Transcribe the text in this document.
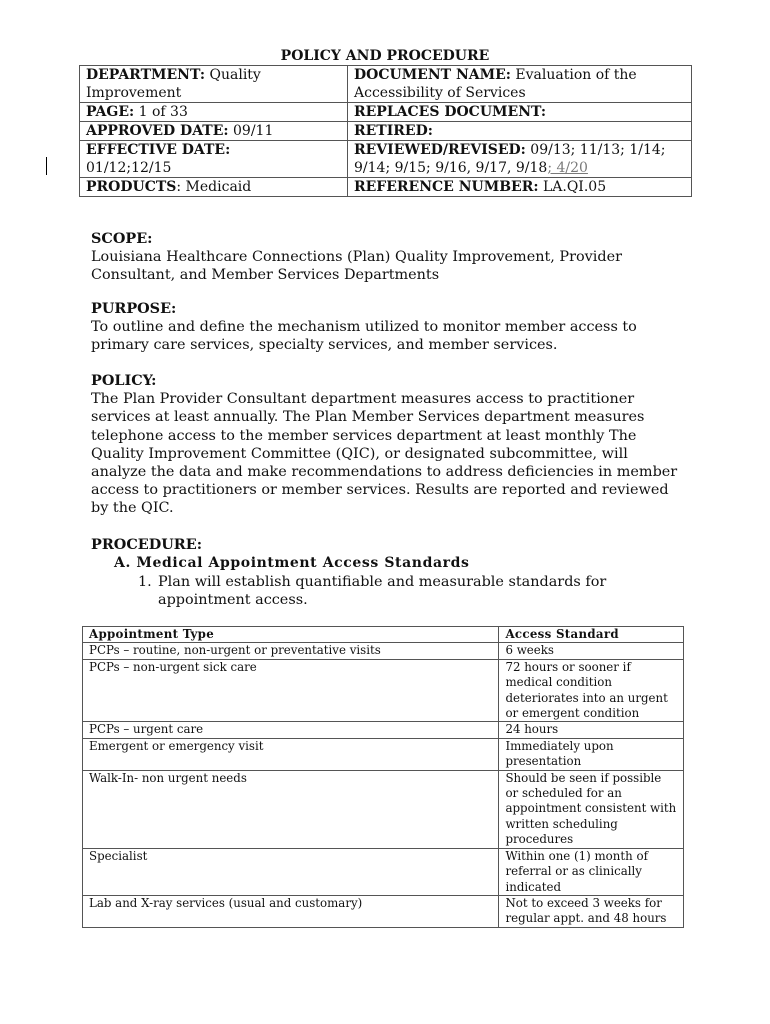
POLICY AND PROCEDURE
DEPARTMENT: Quality Improvement	DOCUMENT NAME: Evaluation of the Accessibility of Services
PAGE: 1 of 33	REPLACES DOCUMENT:
APPROVED DATE: 09/11	RETIRED:

EFFECTIVE DATE:
01/12;12/15	REVIEWED/REVISED: 09/13; 11/13; 1/14; 9/14; 9/15; 9/16, 9/17, 9/18; 4/20
PRODUCTS: Medicaid	REFERENCE NUMBER: LA.QI.05
SCOPE:
Louisiana Healthcare Connections (Plan) Quality Improvement, Provider Consultant, and Member Services Departments
PURPOSE:
To outline and define the mechanism utilized to monitor member access to primary care services, specialty services, and member services.
POLICY:
The Plan Provider Consultant department measures access to practitioner services at least annually. The Plan Member Services department measures telephone access to the member services department at least monthly The Quality Improvement Committee (QIC), or designated subcommittee, will analyze the data and make recommendations to address deficiencies in member access to practitioners or member services. Results are reported and reviewed by the QIC.
PROCEDURE:
A. Medical Appointment Access Standards
1. Plan will establish quantifiable and measurable standards for appointment access.
Appointment Type	Access Standard
PCPs – routine, non-urgent or preventative visits	6 weeks
PCPs – non-urgent sick care	72 hours or sooner if medical condition deteriorates into an urgent or emergent condition
PCPs – urgent care	24 hours
Emergent or emergency visit	Immediately upon presentation
Walk-In- non urgent needs	Should be seen if possible or scheduled for an appointment consistent with written scheduling procedures
Specialist	Within one (1) month of referral or as clinically indicated
Lab and X-ray services (usual and customary)	Not to exceed 3 weeks for regular appt. and 48 hours
